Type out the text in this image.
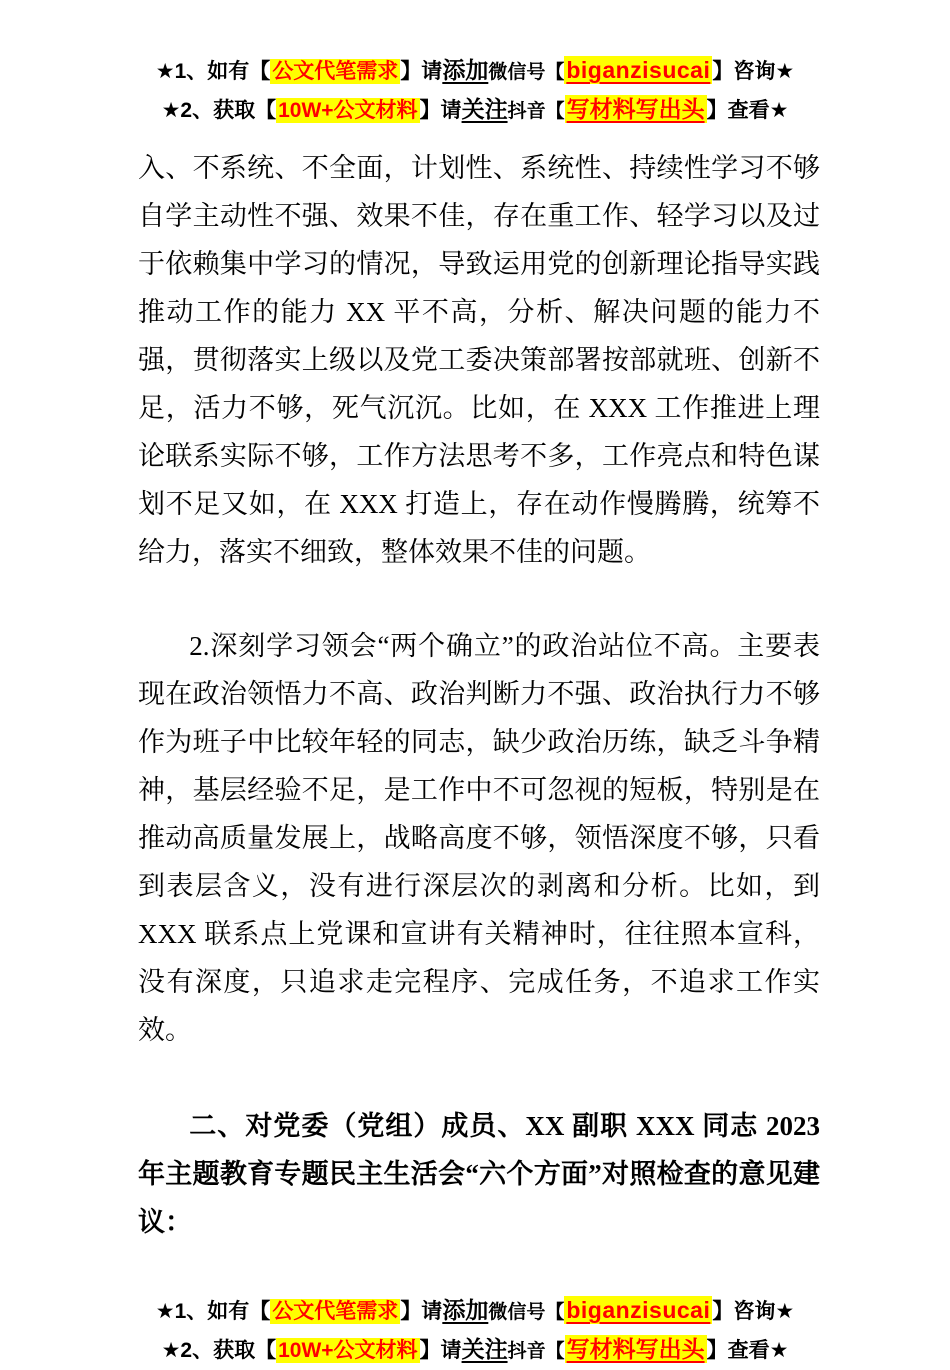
★1、如有【公文代笔需求】请添加微信号【biganzisucai】咨询★
★2、获取【10W+公文材料】请关注抖音【写材料写出头】查看★

入、不系统、不全面，计划性、系统性、持续性学习不够自学主动性不强、效果不佳，存在重工作、轻学习以及过于依赖集中学习的情况，导致运用党的创新理论指导实践推动工作的能力 XX 平不高，分析、解决问题的能力不强，贯彻落实上级以及党工委决策部署按部就班、创新不足，活力不够，死气沉沉。比如，在 XXX 工作推进上理论联系实际不够，工作方法思考不多，工作亮点和特色谋划不足又如，在 XXX 打造上，存在动作慢腾腾，统筹不给力，落实不细致，整体效果不佳的问题。

2.深刻学习领会“两个确立”的政治站位不高。主要表现在政治领悟力不高、政治判断力不强、政治执行力不够作为班子中比较年轻的同志，缺少政治历练，缺乏斗争精神，基层经验不足，是工作中不可忽视的短板，特别是在推动高质量发展上，战略高度不够，领悟深度不够，只看到表层含义，没有进行深层次的剥离和分析。比如，到 XXX 联系点上党课和宣讲有关精神时，往往照本宣科，没有深度，只追求走完程序、完成任务，不追求工作实效。

二、对党委（党组）成员、XX 副职 XXX 同志 2023 年主题教育专题民主生活会“六个方面”对照检查的意见建议：

★1、如有【公文代笔需求】请添加微信号【biganzisucai】咨询★
★2、获取【10W+公文材料】请关注抖音【写材料写出头】查看★
